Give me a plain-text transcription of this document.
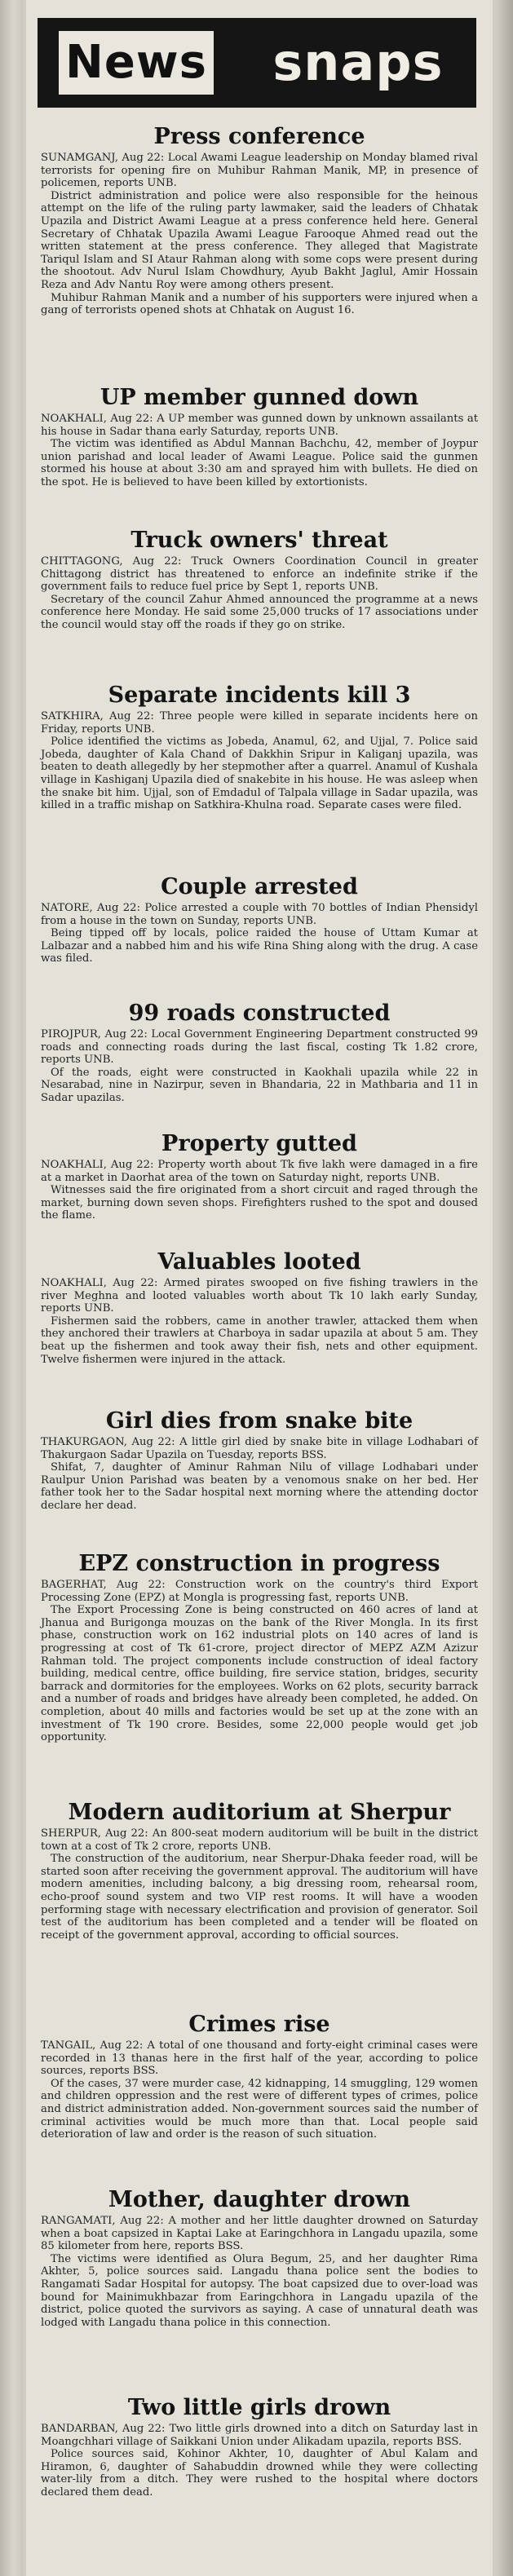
News	snaps
Press conference

SUNAMGANJ, Aug 22: Local Awami League leadership on Monday blamed rival terrorists for opening fire on Muhibur Rahman Manik, MP, in presence of policemen, reports UNB.

District administration and police were also responsible for the heinous attempt on the life of the ruling party lawmaker, said the leaders of Chhatak Upazila and District Awami League at a press conference held here. General Secretary of Chhatak Upazila Awami League Farooque Ahmed read out the written statement at the press conference. They alleged that Magistrate Tariqul Islam and SI Ataur Rahman along with some cops were present during the shootout. Adv Nurul Islam Chowdhury, Ayub Bakht Jaglul, Amir Hossain Reza and Adv Nantu Roy were among others present.

Muhibur Rahman Manik and a number of his supporters were injured when a gang of terrorists opened shots at Chhatak on August 16.

UP member gunned down

NOAKHALI, Aug 22: A UP member was gunned down by unknown assailants at his house in Sadar thana early Saturday, reports UNB.

The victim was identified as Abdul Mannan Bachchu, 42, member of Joypur union parishad and local leader of Awami League. Police said the gunmen stormed his house at about 3:30 am and sprayed him with bullets. He died on the spot. He is believed to have been killed by extortionists.

Truck owners' threat

CHITTAGONG, Aug 22: Truck Owners Coordination Council in greater Chittagong district has threatened to enforce an indefinite strike if the government fails to reduce fuel price by Sept 1, reports UNB.

Secretary of the council Zahur Ahmed announced the programme at a news conference here Monday. He said some 25,000 trucks of 17 associations under the council would stay off the roads if they go on strike.

Separate incidents kill 3

SATKHIRA, Aug 22: Three people were killed in separate incidents here on Friday, reports UNB.

Police identified the victims as Jobeda, Anamul, 62, and Ujjal, 7. Police said Jobeda, daughter of Kala Chand of Dakkhin Sripur in Kaliganj upazila, was beaten to death allegedly by her stepmother after a quarrel. Anamul of Kushala village in Kashiganj Upazila died of snakebite in his house. He was asleep when the snake bit him. Ujjal, son of Emdadul of Talpala village in Sadar upazila, was killed in a traffic mishap on Satkhira-Khulna road. Separate cases were filed.

Couple arrested

NATORE, Aug 22: Police arrested a couple with 70 bottles of Indian Phensidyl from a house in the town on Sunday, reports UNB.

Being tipped off by locals, police raided the house of Uttam Kumar at Lalbazar and a nabbed him and his wife Rina Shing along with the drug. A case was filed.

99 roads constructed

PIROJPUR, Aug 22: Local Government Engineering Department constructed 99 roads and connecting roads during the last fiscal, costing Tk 1.82 crore, reports UNB.

Of the roads, eight were constructed in Kaokhali upazila while 22 in Nesarabad, nine in Nazirpur, seven in Bhandaria, 22 in Mathbaria and 11 in Sadar upazilas.

Property gutted

NOAKHALI, Aug 22: Property worth about Tk five lakh were damaged in a fire at a market in Daorhat area of the town on Saturday night, reports UNB.

Witnesses said the fire originated from a short circuit and raged through the market, burning down seven shops. Firefighters rushed to the spot and doused the flame.

Valuables looted

NOAKHALI, Aug 22: Armed pirates swooped on five fishing trawlers in the river Meghna and looted valuables worth about Tk 10 lakh early Sunday, reports UNB.

Fishermen said the robbers, came in another trawler, attacked them when they anchored their trawlers at Charboya in sadar upazila at about 5 am. They beat up the fishermen and took away their fish, nets and other equipment. Twelve fishermen were injured in the attack.

Girl dies from snake bite

THAKURGAON, Aug 22: A little girl died by snake bite in village Lodhabari of Thakurgaon Sadar Upazila on Tuesday, reports BSS.

Shifat, 7, daughter of Aminur Rahman Nilu of village Lodhabari under Raulpur Union Parishad was beaten by a venomous snake on her bed. Her father took her to the Sadar hospital next morning where the attending doctor declare her dead.

EPZ construction in progress

BAGERHAT, Aug 22: Construction work on the country's third Export Processing Zone (EPZ) at Mongla is progressing fast, reports UNB.

The Export Processing Zone is being constructed on 460 acres of land at Jhanua and Burigonga mouzas on the bank of the River Mongla. In its first phase, construction work on 162 industrial plots on 140 acres of land is progressing at cost of Tk 61-crore, project director of MEPZ AZM Azizur Rahman told. The project components include construction of ideal factory building, medical centre, office building, fire service station, bridges, security barrack and dormitories for the employees. Works on 62 plots, security barrack and a number of roads and bridges have already been completed, he added. On completion, about 40 mills and factories would be set up at the zone with an investment of Tk 190 crore. Besides, some 22,000 people would get job opportunity.

Modern auditorium at Sherpur

SHERPUR, Aug 22: An 800-seat modern auditorium will be built in the district town at a cost of Tk 2 crore, reports UNB.

The construction of the auditorium, near Sherpur-Dhaka feeder road, will be started soon after receiving the government approval. The auditorium will have modern amenities, including balcony, a big dressing room, rehearsal room, echo-proof sound system and two VIP rest rooms. It will have a wooden performing stage with necessary electrification and provision of generator. Soil test of the auditorium has been completed and a tender will be floated on receipt of the government approval, according to official sources.

Crimes rise

TANGAIL, Aug 22: A total of one thousand and forty-eight criminal cases were recorded in 13 thanas here in the first half of the year, according to police sources, reports BSS.

Of the cases, 37 were murder case, 42 kidnapping, 14 smuggling, 129 women and children oppression and the rest were of different types of crimes, police and district administration added. Non-government sources said the number of criminal activities would be much more than that. Local people said deterioration of law and order is the reason of such situation.

Mother, daughter drown

RANGAMATI, Aug 22: A mother and her little daughter drowned on Saturday when a boat capsized in Kaptai Lake at Earingchhora in Langadu upazila, some 85 kilometer from here, reports BSS.

The victims were identified as Olura Begum, 25, and her daughter Rima Akhter, 5, police sources said. Langadu thana police sent the bodies to Rangamati Sadar Hospital for autopsy. The boat capsized due to over-load was bound for Mainimukhbazar from Earingchhora in Langadu upazila of the district, police quoted the survivors as saying. A case of unnatural death was lodged with Langadu thana police in this connection.

Two little girls drown

BANDARBAN, Aug 22: Two little girls drowned into a ditch on Saturday last in Moangchhari village of Saikkani Union under Alikadam upazila, reports BSS.

Police sources said, Kohinor Akhter, 10, daughter of Abul Kalam and Hiramon, 6, daughter of Sahabuddin drowned while they were collecting water-lily from a ditch. They were rushed to the hospital where doctors declared them dead.
